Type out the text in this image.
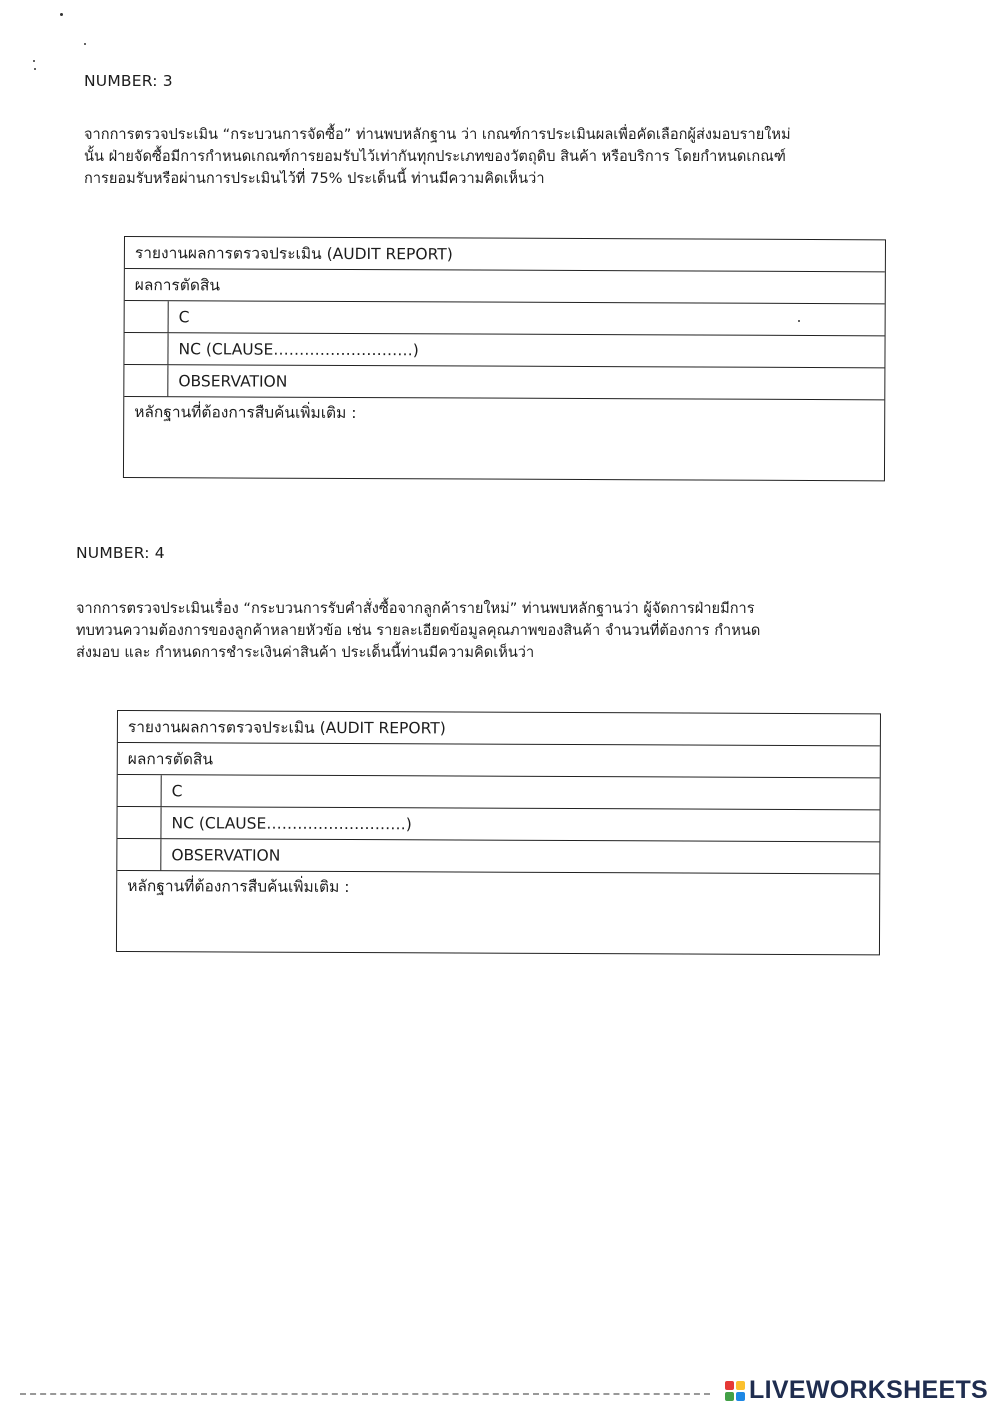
NUMBER: 3
จากการตรวจประเมิน “กระบวนการจัดซื้อ” ท่านพบหลักฐาน ว่า เกณฑ์การประเมินผลเพื่อคัดเลือกผู้ส่งมอบรายใหม่
นั้น ฝ่ายจัดซื้อมีการกำหนดเกณฑ์การยอมรับไว้เท่ากันทุกประเภทของวัตถุดิบ สินค้า หรือบริการ โดยกำหนดเกณฑ์
การยอมรับหรือผ่านการประเมินไว้ที่ 75% ประเด็นนี้ ท่านมีความคิดเห็นว่า
รายงานผลการตรวจประเมิน (AUDIT REPORT)
ผลการตัดสิน
C
NC (CLAUSE………………………)
OBSERVATION
หลักฐานที่ต้องการสืบค้นเพิ่มเติม :
NUMBER: 4
จากการตรวจประเมินเรื่อง “กระบวนการรับคำสั่งซื้อจากลูกค้ารายใหม่” ท่านพบหลักฐานว่า ผู้จัดการฝ่ายมีการ
ทบทวนความต้องการของลูกค้าหลายหัวข้อ เช่น รายละเอียดข้อมูลคุณภาพของสินค้า จำนวนที่ต้องการ กำหนด
ส่งมอบ และ กำหนดการชำระเงินค่าสินค้า ประเด็นนี้ท่านมีความคิดเห็นว่า
รายงานผลการตรวจประเมิน (AUDIT REPORT)
ผลการตัดสิน
C
NC (CLAUSE………………………)
OBSERVATION
หลักฐานที่ต้องการสืบค้นเพิ่มเติม :
LIVEWORKSHEETS
